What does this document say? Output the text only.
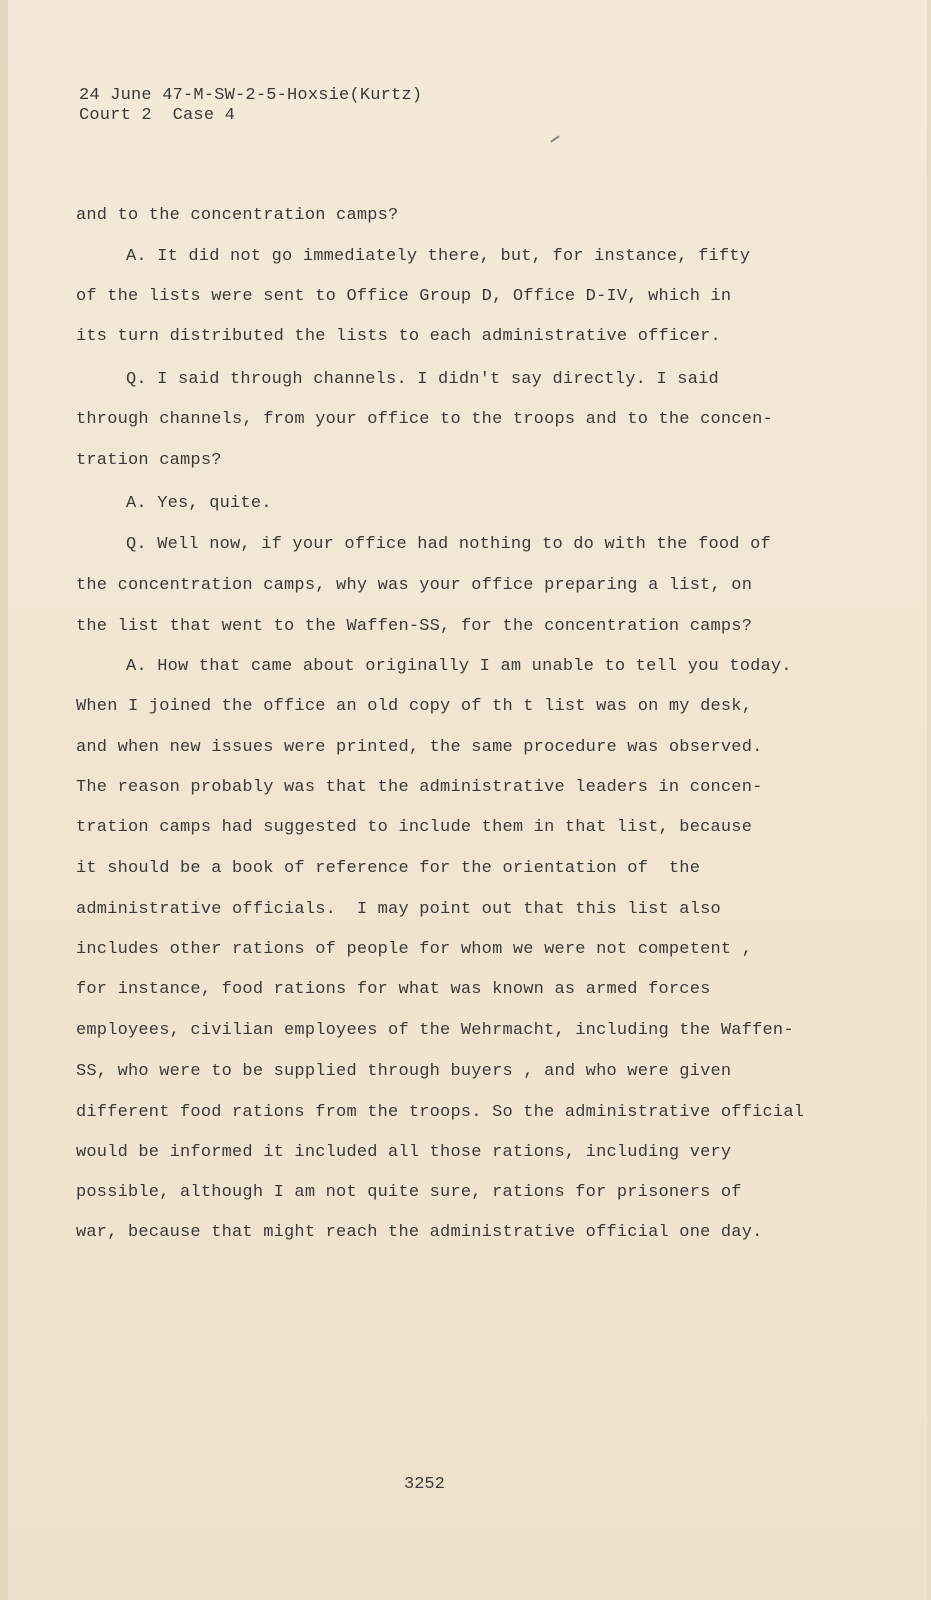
24 June 47-M-SW-2-5-Hoxsie(Kurtz)
Court 2  Case 4
and to the concentration camps?
A. It did not go immediately there, but, for instance, fifty
of the lists were sent to Office Group D, Office D-IV, which in
its turn distributed the lists to each administrative officer.
Q. I said through channels. I didn't say directly. I said
through channels, from your office to the troops and to the concen-
tration camps?
A. Yes, quite.
Q. Well now, if your office had nothing to do with the food of
the concentration camps, why was your office preparing a list, on
the list that went to the Waffen-SS, for the concentration camps?
A. How that came about originally I am unable to tell you today.
When I joined the office an old copy of th t list was on my desk,
and when new issues were printed, the same procedure was observed.
The reason probably was that the administrative leaders in concen-
tration camps had suggested to include them in that list, because
it should be a book of reference for the orientation of  the
administrative officials.  I may point out that this list also
includes other rations of people for whom we were not competent ,
for instance, food rations for what was known as armed forces
employees, civilian employees of the Wehrmacht, including the Waffen-
SS, who were to be supplied through buyers , and who were given
different food rations from the troops. So the administrative official
would be informed it included all those rations, including very
possible, although I am not quite sure, rations for prisoners of
war, because that might reach the administrative official one day.
3252
